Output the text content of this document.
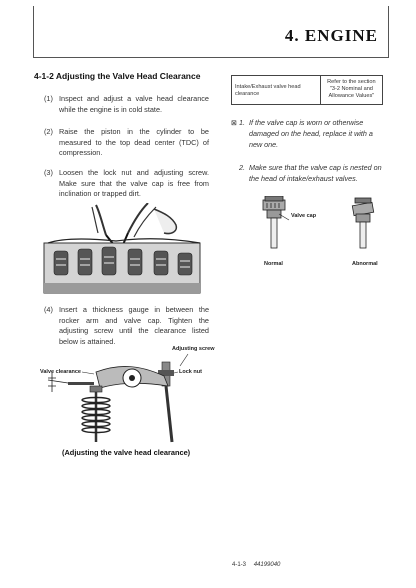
4. ENGINE
4-1-2 Adjusting the Valve Head Clearance
(1) Inspect and adjust a valve head clearance while the engine is in cold state.
(2) Raise the piston in the cylinder to be measured to the top dead center (TDC) of compression.
(3) Loosen the lock nut and adjusting screw. Make sure that the valve cap is free from inclination or trapped dirt.
(4) Insert a thickness gauge in between the rocker arm and valve cap. Tighten the adjusting screw until the clearance listed below is attained.
Adjusting screw
Valve clearance	Lock nut
(Adjusting the valve head clearance)
Intake/Exhaust valve head clearance
Refer to the section "3-2 Nominal and Allowance Values"
⊠ 1. If the valve cap is worn or otherwise damaged on the head, replace it with a new one.
2. Make sure that the valve cap is nested on the head of intake/exhaust valves.
Valve cap
Normal	Abnormal
4-1-3 44199040
